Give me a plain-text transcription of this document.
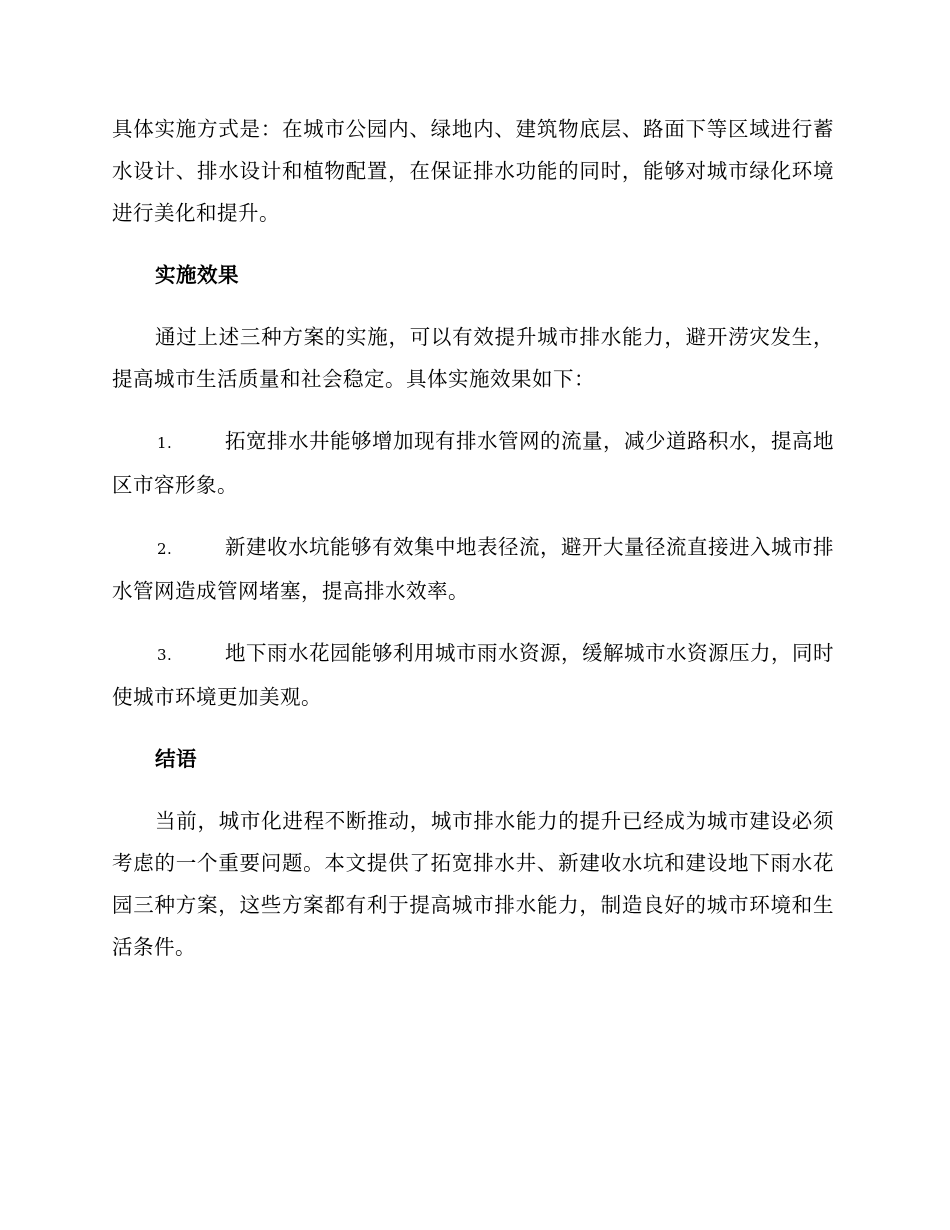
具体实施方式是：在城市公园内、绿地内、建筑物底层、路面下等区域进行蓄水设计、排水设计和植物配置，在保证排水功能的同时，能够对城市绿化环境进行美化和提升。

实施效果

通过上述三种方案的实施，可以有效提升城市排水能力，避开涝灾发生，提高城市生活质量和社会稳定。具体实施效果如下：

1.	拓宽排水井能够增加现有排水管网的流量，减少道路积水，提高地区市容形象。

2.	新建收水坑能够有效集中地表径流，避开大量径流直接进入城市排水管网造成管网堵塞，提高排水效率。

3.	地下雨水花园能够利用城市雨水资源，缓解城市水资源压力，同时使城市环境更加美观。

结语

当前，城市化进程不断推动，城市排水能力的提升已经成为城市建设必须考虑的一个重要问题。本文提供了拓宽排水井、新建收水坑和建设地下雨水花园三种方案，这些方案都有利于提高城市排水能力，制造良好的城市环境和生活条件。
